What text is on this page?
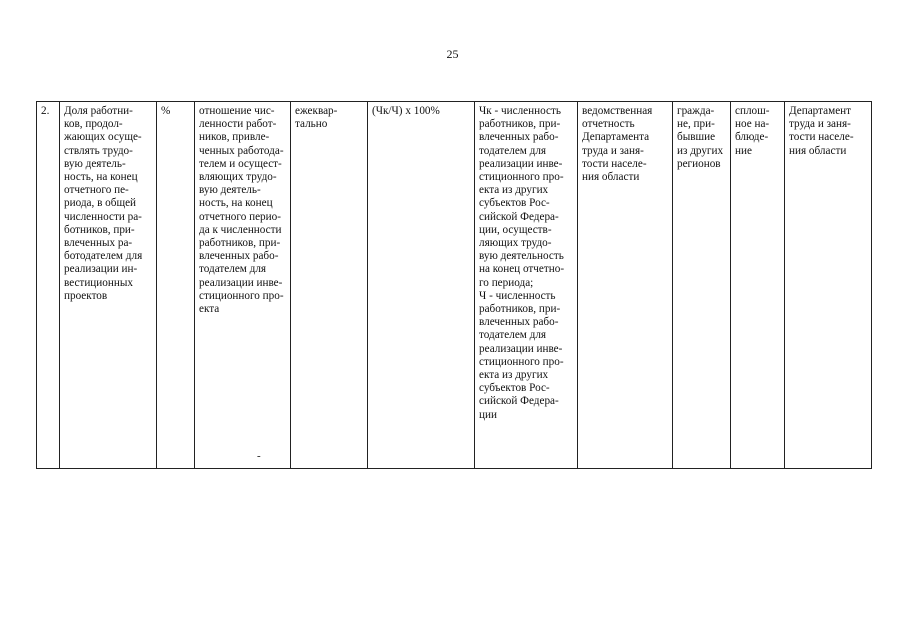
25
2.	Доля работни-
ков, продол-
жающих осуще-
ствлять трудо-
вую деятель-
ность, на конец
отчетного пе-
риода, в общей
численности ра-
ботников, при-
влеченных ра-
ботодателем для
реализации ин-
вестиционных
проектов	%	отношение чис-
ленности работ-
ников, привле-
ченных работода-
телем и осущест-
вляющих трудо-
вую деятель-
ность, на конец
отчетного перио-
да к численности
работников, при-
влеченных рабо-
тодателем для
реализации инве-
стиционного про-
екта	ежеквар-
тально	(Чк/Ч) х 100%	Чк - численность
работников, при-
влеченных рабо-
тодателем для
реализации инве-
стиционного про-
екта из других
субъектов Рос-
сийской Федера-
ции, осуществ-
ляющих трудо-
вую деятельность
на конец отчетно-
го периода;
Ч - численность
работников, при-
влеченных рабо-
тодателем для
реализации инве-
стиционного про-
екта из других
субъектов Рос-
сийской Федера-
ции	ведомственная
отчетность
Департамента
труда и заня-
тости населе-
ния области	гражда-
не, при-
бывшие
из других
регионов	сплош-
ное на-
блюде-
ние	Департамент
труда и заня-
тости населе-
ния области
-
